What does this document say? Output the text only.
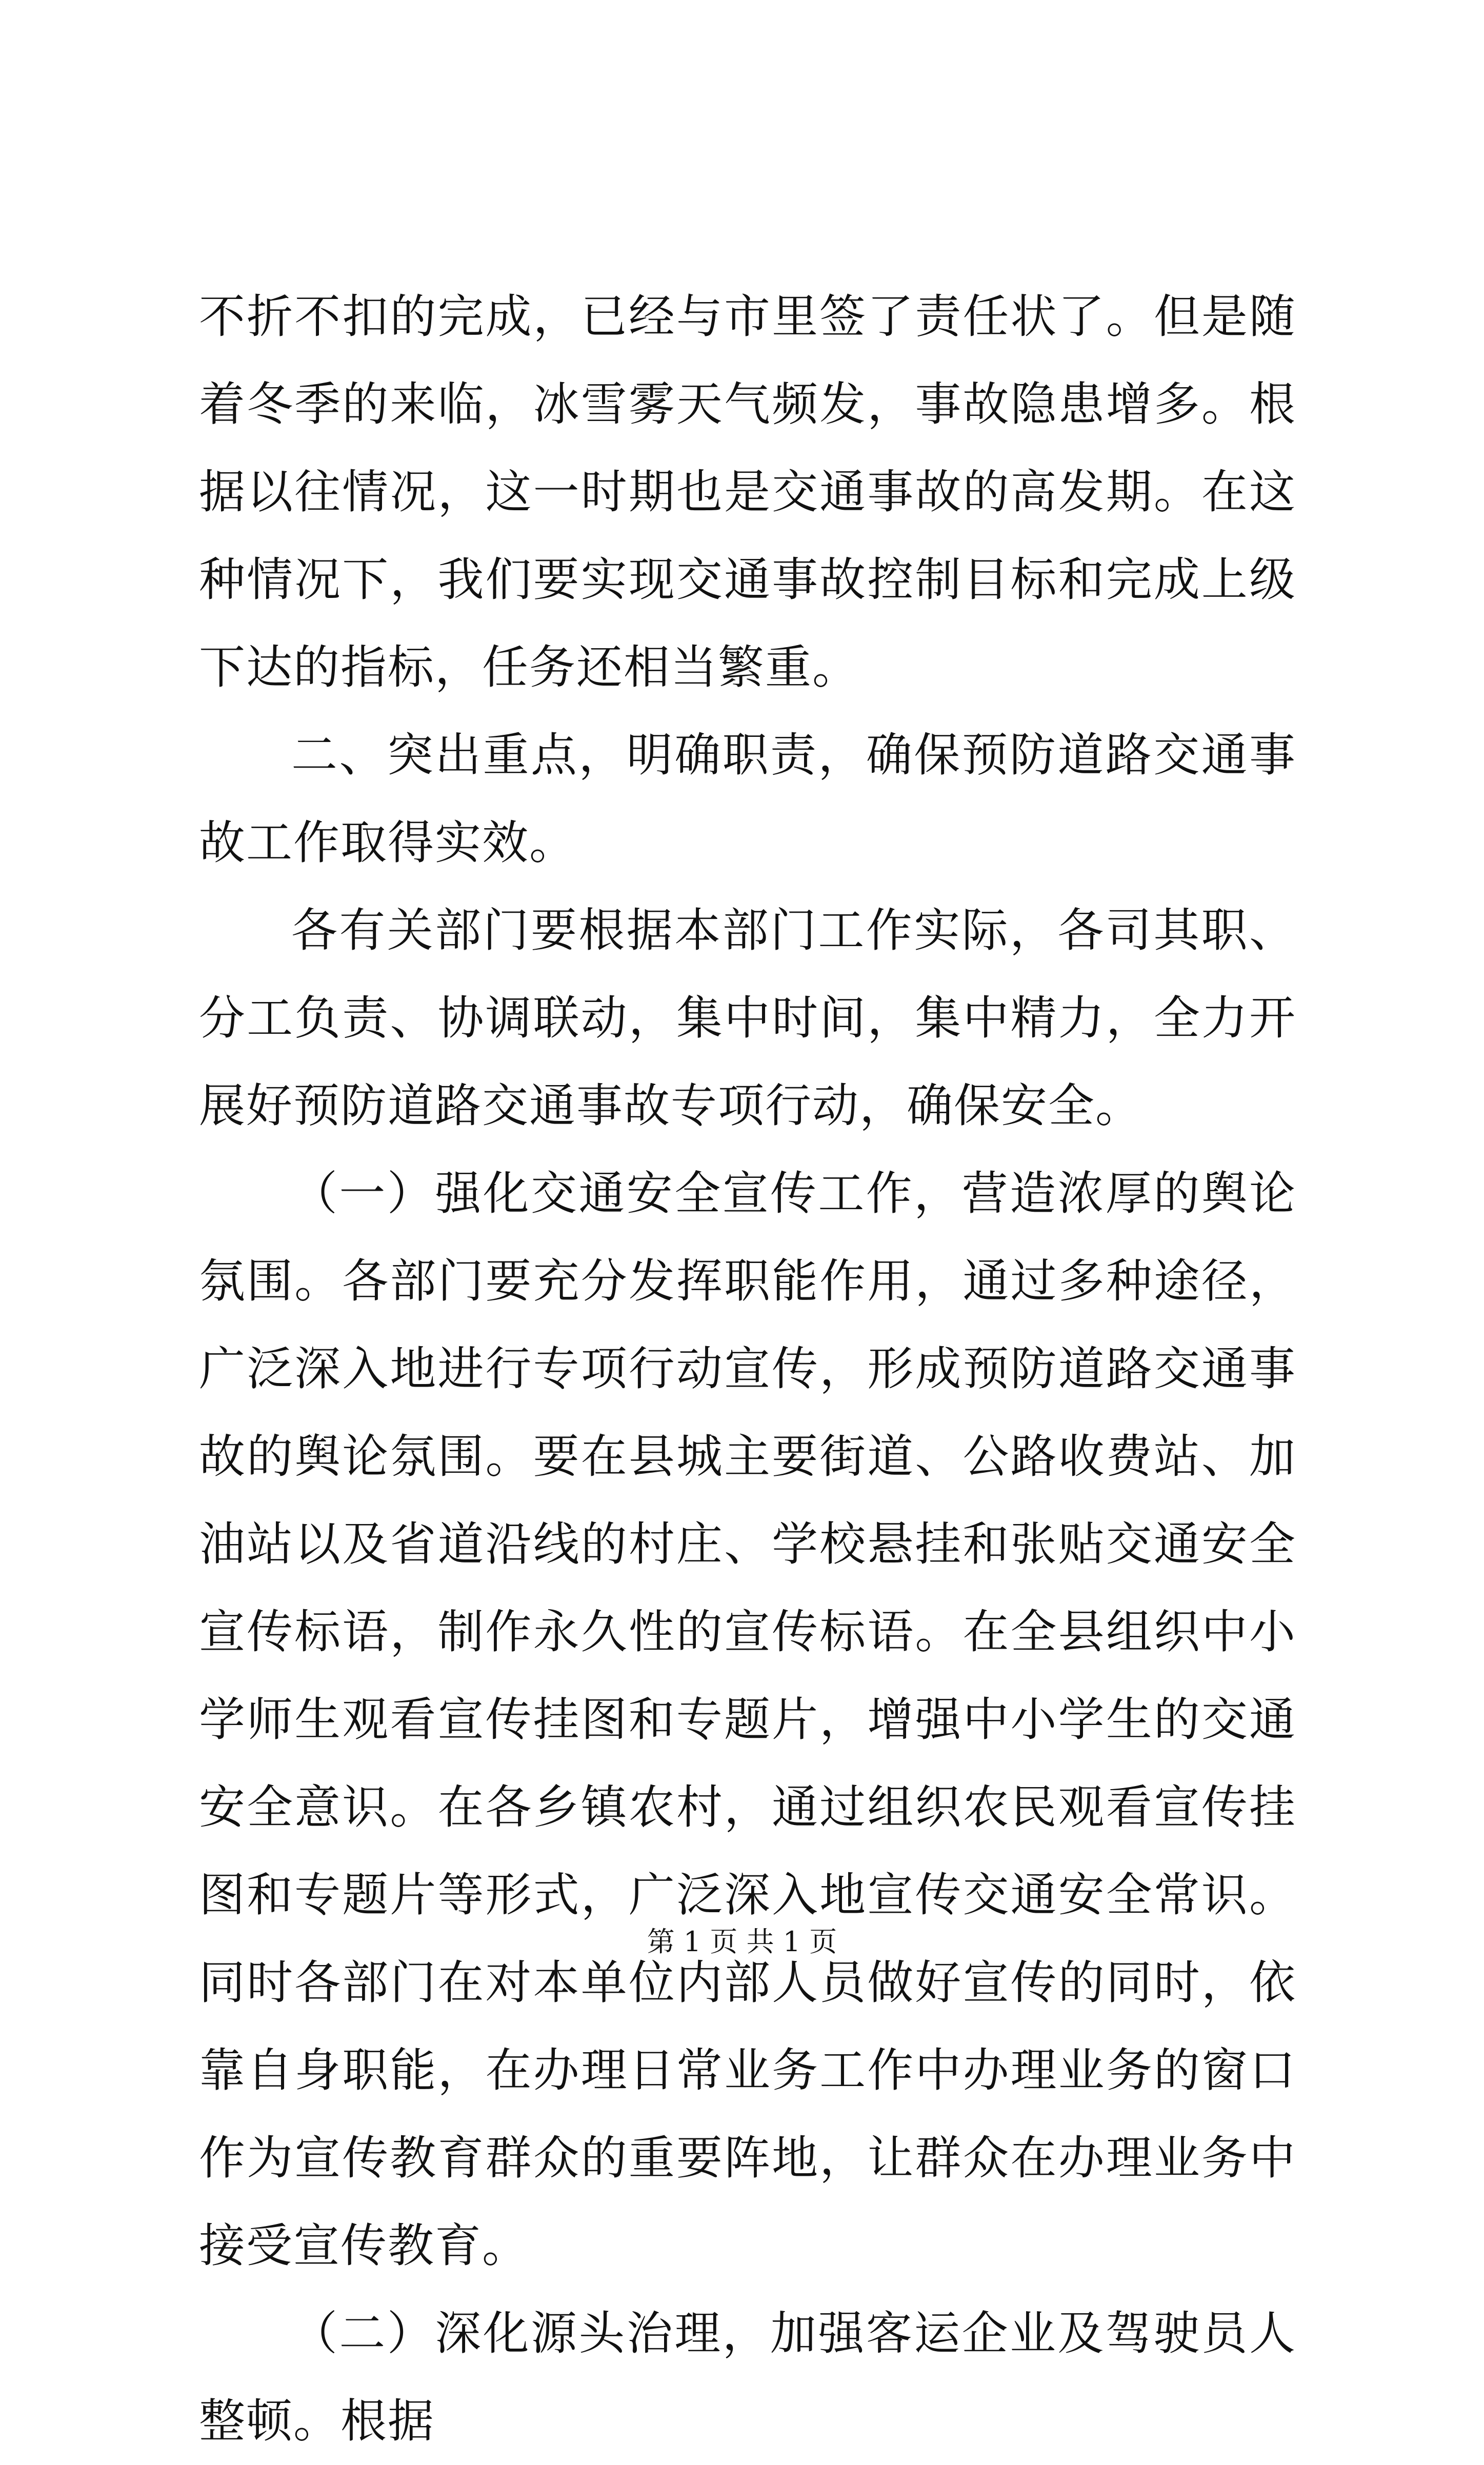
不折不扣的完成，已经与市里签了责任状了。但是随着冬季的来临，冰雪雾天气频发，事故隐患增多。根据以往情况，这一时期也是交通事故的高发期。在这种情况下，我们要实现交通事故控制目标和完成上级下达的指标，任务还相当繁重。

二、突出重点，明确职责，确保预防道路交通事故工作取得实效。

各有关部门要根据本部门工作实际，各司其职、分工负责、协调联动，集中时间，集中精力，全力开展好预防道路交通事故专项行动，确保安全。

（一）强化交通安全宣传工作，营造浓厚的舆论氛围。各部门要充分发挥职能作用，通过多种途径，广泛深入地进行专项行动宣传，形成预防道路交通事故的舆论氛围。要在县城主要街道、公路收费站、加油站以及省道沿线的村庄、学校悬挂和张贴交通安全宣传标语，制作永久性的宣传标语。在全县组织中小学师生观看宣传挂图和专题片，增强中小学生的交通安全意识。在各乡镇农村，通过组织农民观看宣传挂图和专题片等形式，广泛深入地宣传交通安全常识。同时各部门在对本单位内部人员做好宣传的同时，依靠自身职能，在办理日常业务工作中办理业务的窗口作为宣传教育群众的重要阵地，让群众在办理业务中接受宣传教育。

（二）深化源头治理，加强客运企业及驾驶员人整顿。根据

第 1 页 共 1 页
